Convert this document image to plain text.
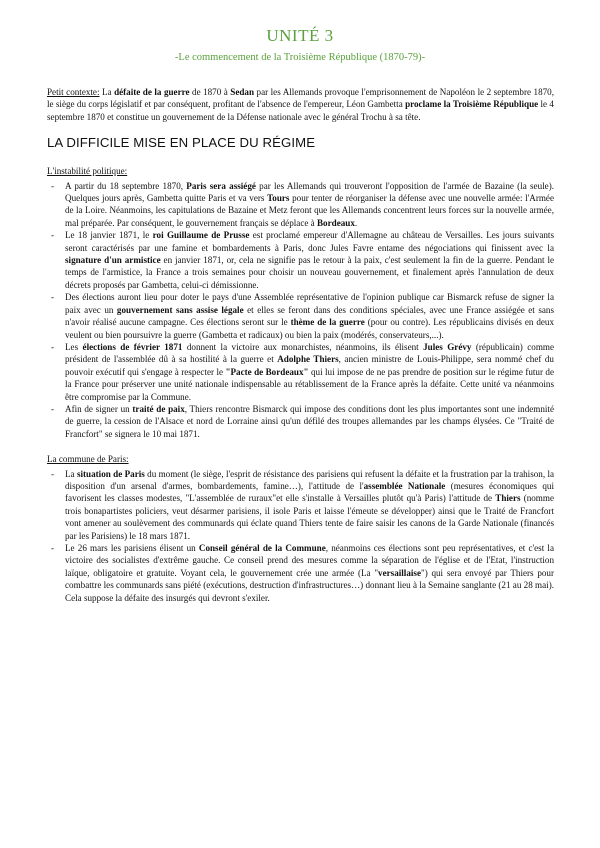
UNITÉ 3
-Le commencement de la Troisième République (1870-79)-

Petit contexte: La défaite de la guerre de 1870 à Sedan par les Allemands provoque l'emprisonnement de Napoléon le 2 septembre 1870, le siège du corps législatif et par conséquent, profitant de l'absence de l'empereur, Léon Gambetta proclame la Troisième République le 4 septembre 1870 et constitue un gouvernement de la Défense nationale avec le général Trochu à sa tête.

LA DIFFICILE MISE EN PLACE DU RÉGIME
L'instabilité politique:
- A partir du 18 septembre 1870, Paris sera assiégé par les Allemands qui trouveront l'opposition de l'armée de Bazaine (la seule). Quelques jours après, Gambetta quitte Paris et va vers Tours pour tenter de réorganiser la défense avec une nouvelle armée: l'Armée de la Loire. Néanmoins, les capitulations de Bazaine et Metz feront que les Allemands concentrent leurs forces sur la nouvelle armée, mal préparée. Par conséquent, le gouvernement français se déplace à Bordeaux.
- Le 18 janvier 1871, le roi Guillaume de Prusse est proclamé empereur d'Allemagne au château de Versailles. Les jours suivants seront caractérisés par une famine et bombardements à Paris, donc Jules Favre entame des négociations qui finissent avec la signature d'un armistice en janvier 1871, or, cela ne signifie pas le retour à la paix, c'est seulement la fin de la guerre. Pendant le temps de l'armistice, la France a trois semaines pour choisir un nouveau gouvernement, et finalement après l'annulation de deux décrets proposés par Gambetta, celui-ci démissionne.
- Des élections auront lieu pour doter le pays d'une Assemblée représentative de l'opinion publique car Bismarck refuse de signer la paix avec un gouvernement sans assise légale et elles se feront dans des conditions spéciales, avec une France assiégée et sans n'avoir réalisé aucune campagne. Ces élections seront sur le thème de la guerre (pour ou contre). Les républicains divisés en deux veulent ou bien poursuivre la guerre (Gambetta et radicaux) ou bien la paix (modérés, conservateurs,...).
- Les élections de février 1871 donnent la victoire aux monarchistes, néanmoins, ils élisent Jules Grévy (républicain) comme président de l'assemblée dû à sa hostilité à la guerre et Adolphe Thiers, ancien ministre de Louis-Philippe, sera nommé chef du pouvoir exécutif qui s'engage à respecter le "Pacte de Bordeaux" qui lui impose de ne pas prendre de position sur le régime futur de la France pour préserver une unité nationale indispensable au rétablissement de la France après la défaite. Cette unité va néanmoins être compromise par la Commune.
- Afin de signer un traité de paix, Thiers rencontre Bismarck qui impose des conditions dont les plus importantes sont une indemnité de guerre, la cession de l'Alsace et nord de Lorraine ainsi qu'un défilé des troupes allemandes par les champs élysées. Ce "Traité de Francfort" se signera le 10 mai 1871.
La commune de Paris:
- La situation de Paris du moment (le siège, l'esprit de résistance des parisiens qui refusent la défaite et la frustration par la trahison, la disposition d'un arsenal d'armes, bombardements, famine…), l'attitude de l'assemblée Nationale (mesures économiques qui favorisent les classes modestes, "L'assemblée de ruraux"et elle s'installe à Versailles plutôt qu'à Paris) l'attitude de Thiers (nomme trois bonapartistes policiers, veut désarmer parisiens, il isole Paris et laisse l'émeute se développer) ainsi que le Traité de Francfort vont amener au soulèvement des communards qui éclate quand Thiers tente de faire saisir les canons de la Garde Nationale (financés par les Parisiens) le 18 mars 1871.
- Le 26 mars les parisiens élisent un Conseil général de la Commune, néanmoins ces élections sont peu représentatives, et c'est la victoire des socialistes d'extrême gauche. Ce conseil prend des mesures comme la séparation de l'église et de l'Etat, l'instruction laïque, obligatoire et gratuite. Voyant cela, le gouvernement crée une armée (La "versaillaise") qui sera envoyé par Thiers pour combattre les communards sans piété (exécutions, destruction d'infrastructures…) donnant lieu à la Semaine sanglante (21 au 28 mai). Cela suppose la défaite des insurgés qui devront s'exiler.
